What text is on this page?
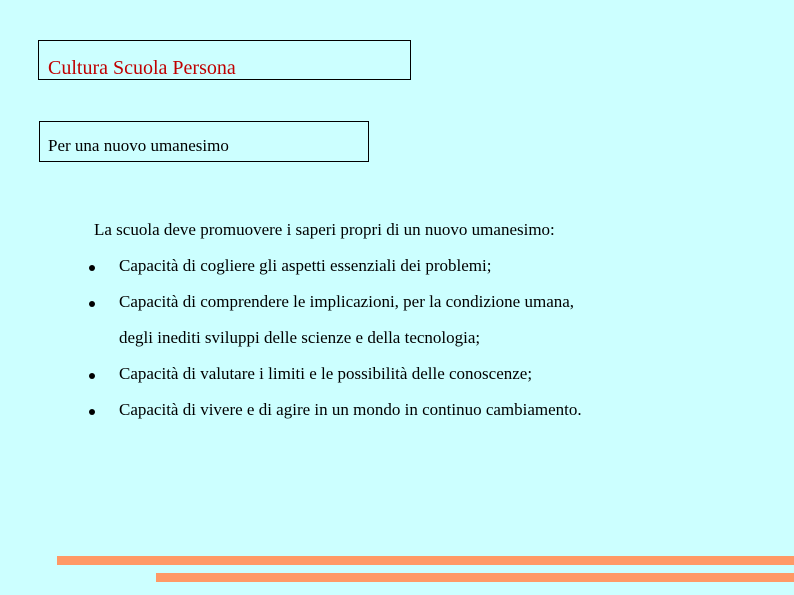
Cultura Scuola Persona
Per una nuovo umanesimo
La scuola deve promuovere i saperi propri di un nuovo umanesimo:
Capacità di cogliere gli aspetti essenziali dei problemi;
Capacità di comprendere le implicazioni, per la condizione umana,
degli inediti sviluppi delle scienze e della tecnologia;
Capacità di valutare i limiti e le possibilità delle conoscenze;
Capacità di vivere e di agire in un mondo in continuo cambiamento.
